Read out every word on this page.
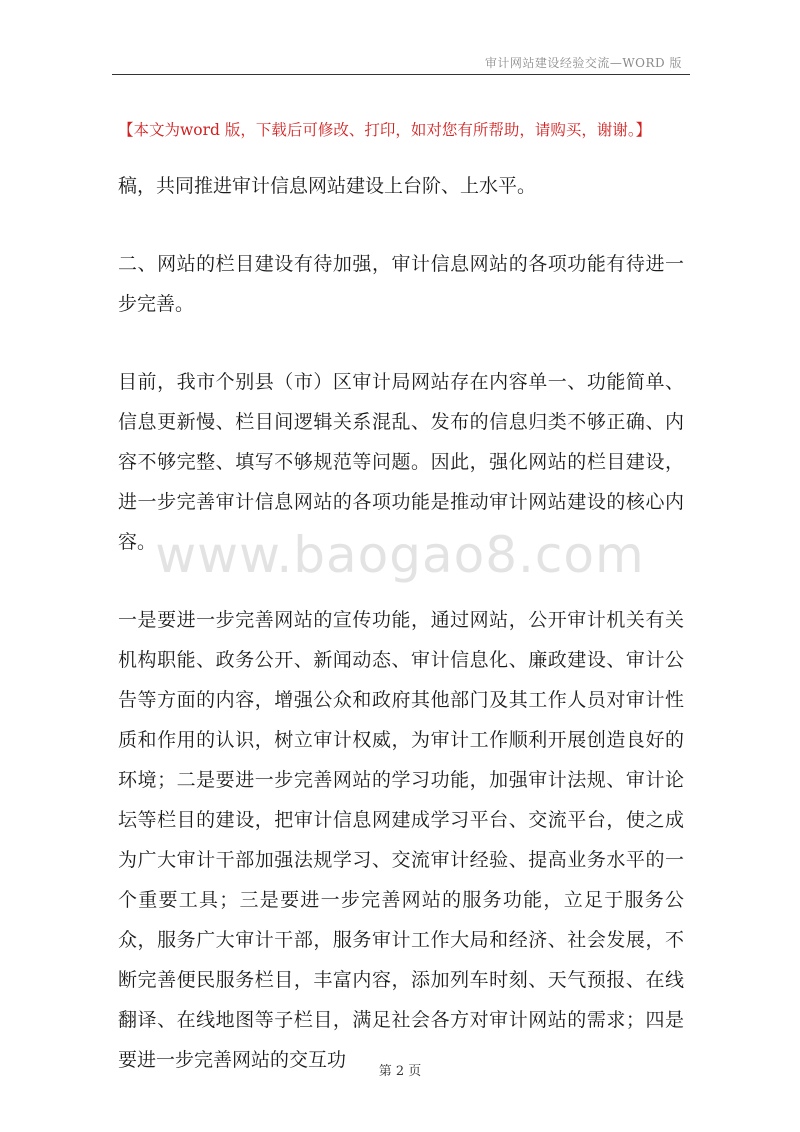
审计网站建设经验交流—WORD 版
【本文为word 版，下载后可修改、打印，如对您有所帮助，请购买，谢谢。】

稿，共同推进审计信息网站建设上台阶、上水平。

二、网站的栏目建设有待加强，审计信息网站的各项功能有待进一步完善。

目前，我市个别县（市）区审计局网站存在内容单一、功能简单、信息更新慢、栏目间逻辑关系混乱、发布的信息归类不够正确、内容不够完整、填写不够规范等问题。因此，强化网站的栏目建设，进一步完善审计信息网站的各项功能是推动审计网站建设的核心内容。

一是要进一步完善网站的宣传功能，通过网站，公开审计机关有关机构职能、政务公开、新闻动态、审计信息化、廉政建设、审计公告等方面的内容，增强公众和政府其他部门及其工作人员对审计性质和作用的认识，树立审计权威，为审计工作顺利开展创造良好的环境；二是要进一步完善网站的学习功能，加强审计法规、审计论坛等栏目的建设，把审计信息网建成学习平台、交流平台，使之成为广大审计干部加强法规学习、交流审计经验、提高业务水平的一个重要工具；三是要进一步完善网站的服务功能，立足于服务公众，服务广大审计干部，服务审计工作大局和经济、社会发展，不断完善便民服务栏目，丰富内容，添加列车时刻、天气预报、在线翻译、在线地图等子栏目，满足社会各方对审计网站的需求；四是要进一步完善网站的交互功

www.baogao8.com
第 2 页
